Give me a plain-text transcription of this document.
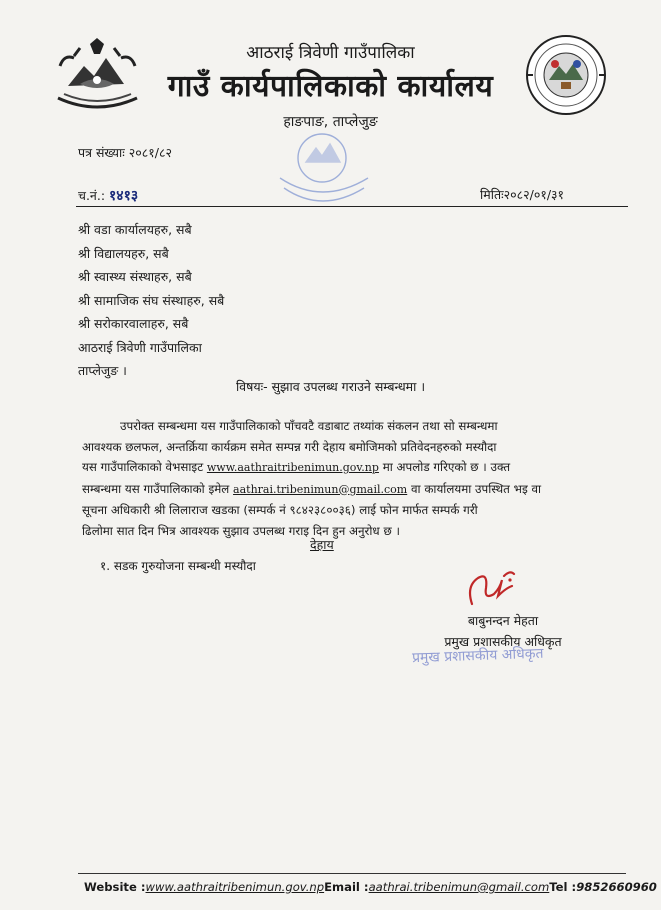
आठराई त्रिवेणी गाउँपालिका
गाउँ कार्यपालिकाको कार्यालय
हाङपाङ, ताप्लेजुङ
पत्र संख्याः २०८१/८२
च.नं.: १४१३	मितिः२०८२/०१/३१
श्री वडा कार्यालयहरु, सबै
श्री विद्यालयहरु, सबै
श्री स्वास्थ्य संस्थाहरु, सबै
श्री सामाजिक संघ संस्थाहरु, सबै
श्री सरोकारवालाहरु, सबै
आठराई त्रिवेणी गाउँपालिका
ताप्लेजुङ ।
विषयः- सुझाव उपलब्ध गराउने सम्बन्धमा ।
उपरोक्त सम्बन्धमा यस गाउँपालिकाको पाँचवटै वडाबाट तथ्यांक संकलन तथा सो सम्बन्धमा
आवश्यक छलफल, अन्तर्क्रिया कार्यक्रम समेत सम्पन्न गरी देहाय बमोजिमको प्रतिवेदनहरुको मस्यौदा
यस गाउँपालिकाको वेभसाइट www.aathraitribenimun.gov.np मा अपलोड गरिएको छ । उक्त
सम्बन्धमा यस गाउँपालिकाको इमेल aathrai.tribenimun@gmail.com वा कार्यालयमा उपस्थित भइ वा
सूचना अधिकारी श्री लिलाराज खडका (सम्पर्क नं ९८४२३८००३६) लाई फोन मार्फत सम्पर्क गरी
ढिलोमा सात दिन भित्र आवश्यक सुझाव उपलब्ध गराइ दिन हुन अनुरोध छ ।
देहाय
१. सडक गुरुयोजना सम्बन्धी मस्यौदा
बाबुनन्दन मेहता
प्रमुख प्रशासकीय अधिकृत
प्रमुख प्रशासकीय अधिकृत
Website :www.aathraitribenimun.gov.npEmail :aathrai.tribenimun@gmail.comTel :9852660960
